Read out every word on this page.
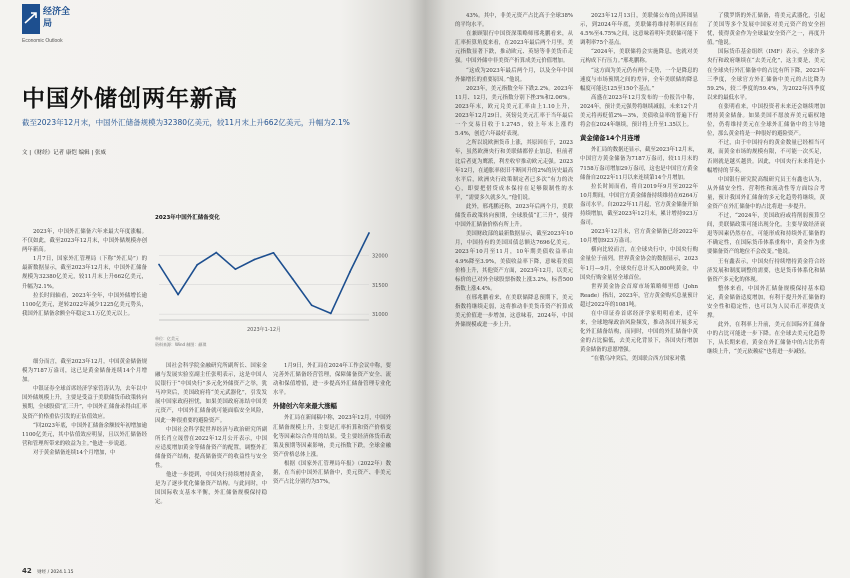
经济全局
Economic Outlook
中国外储创两年新高
截至2023年12月末，中国外汇储备规模为32380亿美元，较11月末上升662亿美元，升幅为2.1%
文 |《财经》记者 康恺 编辑 | 张威

2023年，中国外汇储备六年来最大年度涨幅。不仅如此，截至2023年12月末，中国外储规模亦创两年新高。

1月7日，国家外汇管理局（下称“外汇局”）的最新数据显示，截至2023年12月末，中国外汇储备规模为32380亿美元，较11月末上升662亿美元，升幅为2.1%。

拉长时间轴看，2023年全年，中国外储增长逾1100亿美元，逆转2022年减少1225亿美元势头，我国外汇储备余额全年稳定3.1万亿美元以上。

2023年中国外汇储备变化
31000
31500
32000
2023年1-12月
单位：亿美元
资料来源：Wind 制图：颜琪

细分而言，截至2023年12月，中国黄金储备规模为7187万盎司，这已是黄金储备连续14个月增加。

中银证券全球首席经济学家管涛认为，去年以中国外储规模上升，主要是受益于美联储货币政策转向预期，全球股债“汇三升”，中国外汇储备录得由汇率及资产价格重估引发的正估值效应。

“回2023年底，中国外汇储备余额较年初增加逾1100亿美元，其中估值效应明显，且以外汇储备经营和管理所带来的收益为主。”他进一步说道。

对于黄金储备连续14个月增加，中

国社会科学院金融研究所副所长、国家金融与发展实验室副主任张明表示，这是中国人民银行于“中国央行”多元化外储资产之举，犹马冲突后，美国政府将“美元武器化”，引发发展中国家政府担忧，如果美国政府冻结中国美元资产，中国外汇储备就可能面临安全风险，因此一种很重要的避险资产。

中国社会科学院世界经济与政治研究所副所长肖立晟曾在2022年12月公开表示，中国应适度增加黄金等储备资产的配置，调整外汇储备资产结构，提高储备资产的收益性与安全性。

他进一步提到，中国央行持续增持黄金，是为了逐步优化储备资产结构。与此同时，中国国际收支基本平衡，外汇储备规模保持稳定。

1月9日，外汇局在2024年工作会议中称，要完善外汇储备经营管理，保障储备资产安全、流动和保值增值，进一步提高外汇储备管理专业化水平。

外储创六年来最大涨幅

外汇局在新闻稿中称，2023年12月，中国外汇储备规模上升，主要是汇率折算和资产价格变化等因素综合作用的结果。受主要经济体货币政策及预期等因素影响，美元指数下跌，全球金融资产价格总体上涨。

根据《国家外汇管理局年报》（2022年）数据，在当前中国外汇储备中，美元资产、非美元资产占比分别约为57%，

42 财经 / 2024.1.15

43%。其中，非美元资产占比高于全球38%的平均水平。

在兼顾银行中国资深策略师邢兆鹏看来，从汇率折算角度来看，在2023年最后两个月里，美元指数显著下跌，推动欧元、英镑等非美货币走强。中国外储中非美资产折算成美元价值增加。

“这成为2023年最后两个月，以及全年中国外储增长的重要原因。”他说。

2023年，美元指数全年下跌2.2%。2023年11月、12月，美元指数分别下挫3%和2.06%。2023年末，欧元兑美元汇率由上1.10上升，2023年12月29日，英镑兑美元汇率于当年最后一个交易日收于1.2745，较上年末上涨约5.4%，创近六年最好表现。

之所以说欧洲货币上涨，其原因在于，2023年，虽然欧洲央行和美联储都停止加息，但前者比后者更为鹰派，利差收窄推动欧元走强。2023年12月，在通胀率依旧不断回升的2%的历史最高水平后，欧洲央行政策制定者已多次“有力的决心，即要把借贷成本保持在足够限制性的水平，“需要多久就多久。”他们说。

此外，邢兆鹏还称，2023年后两个月，美联储货币政策转向预期，全球股债“汇三升”，使得中国外汇储备价格有所上升。

美国财政部的最新数据显示，截至2023年10月，中国持有的美国国债总额达7696亿美元。2023年10月至11月，10年期美债收益率由4.9%降至3.9%，美债收益率下降，意味着美债价格上升，其他资产方面，2023年12月，以美元标价的已对外全球股票指数上涨3.2%，标普500指数上涨4.4%。

在邢兆鹏看来，在美联储降息预期下，美元指数将继续走弱，这将推动非美货币资产折算成美元价值进一步增加，这意味着，2024年，中国外储规模或进一步上升。

2023年12月13日，美联储公布的点阵图显示，到2024年年底，美联储将维持利率区间在4.5%至4.75%之间，这意味着明年美联储可能下调利率75个基点。

“2024年，美联储将会实施降息，也就对美元构成下行压力。”邢兆鹏称。

“这方面为美元仍有两个走势，一个是降息的速度与市场预期之间的差异，全年美联储的降息幅度可能达125至150个基点。”

高盛在2023年12月发布的一份报告中称，2024年，预计美元强势将继续减弱，未来12个月美元将再贬值2%—3%，美债收益率的普遍下行将会在2024年继续，预计将上升至1.35以上。

黄金储备14个月连增

外汇局的数据还显示，截至2023年12月末，中国官方黄金储备为7187万盎司，较11月末的7158万盎司增加29万盎司，这也是中国官方黄金储备自2022年11月以来连续第14个月增加。

拉长时间而看，将自2019年9月至2022年10月期间，中国官方黄金储备持续维持在6264万盎司水平。自2022年11月起，官方黄金储备开始持续增加，截至2023年12月末，累计增持923万盎司。

2023年12月末，官方黄金储备已经2022年10月增加923万盎司。

横向比较而言，在全球央行中，中国央行购金量位于前列。世界黄金协会的数据显示，2023年1月—9月，全球央行总计买入800吨黄金，中国央行购金量居全球首位。

世界黄金协会首席市场策略师里德（John Reade）指出，2023年，官方黄金购买总量预计超过2022年的1081吨。

在中印证券首席经济学家明明看来，近年来，全球地缘政治风险频发，推动各国开展多元化外汇储备结构，而同时，中国的外汇储备中黄金的占比偏低，去美元化背景下，各国央行增加黄金储备的意愿增强。

“在俄乌冲突后，美国联合西方国家对俄

了俄罗斯的外汇储备，将美元武器化，引起了美国等多个发展中国家对美元资产的安全担忧，使得黄金作为全球最安全资产之一，再度升值。”他说。

国际货币基金组织（IMF）表示，全球许多央行和政府继续在“去美元化”，这主要是，美元在全球央行外汇储备中的占比有所下降，2023年三季度，全球官方外汇储备中美元的占比降为59.2%，较二季度的59.4%，为2022年四季度以来的最低水平。

在张明看来，中国投资者未来还会继续增加增持黄金储备。如果美国不愿放弃美元霸权地位，仍将维持美元在全球外汇储备中的主导地位，那么黄金将是一种很好的避险资产。

不过，由于中国持有的黄金数量已经相当可观，而黄金市场的规模有限，不可能一次买足，否则就是越买越贵。因此，中国央行未来将是小幅增持的节奏。

中国银行研究院高级研究员王有鑫也认为，从外储安全性、营利性和流动性等方面综合考量，预计我国外汇储备的多元化趋势将继续，黄金资产在外汇储备中的占比将进一步提升。

不过，“2024年，美国政府或将削弱预算空间，美联储政策可能出现分化，主要导致经济衰退等因素仍然存在，可能形成和持续外汇储备的不确定性，在国际货币体系重构中，黄金作为重要储备资产的地位不会改变。”他说。

王有鑫表示，中国央行持续增持黄金符合经济发展和制度调整的需要，也是货币体系化和储备资产多元化的体现。

整体来看，中国外汇储备规模保持基本稳定，黄金储备适度增加，有利于提升外汇储备的安全性和稳定性，也可以为人民币汇率提供支撑。

此外，在利率上升前，美元在国际外汇储备中的占比可能进一步下降。在全球去美元化趋势下，从长期来看，黄金在外汇储备中的占比仍将继续上升，“美元依赖症”也将进一步减轻。
